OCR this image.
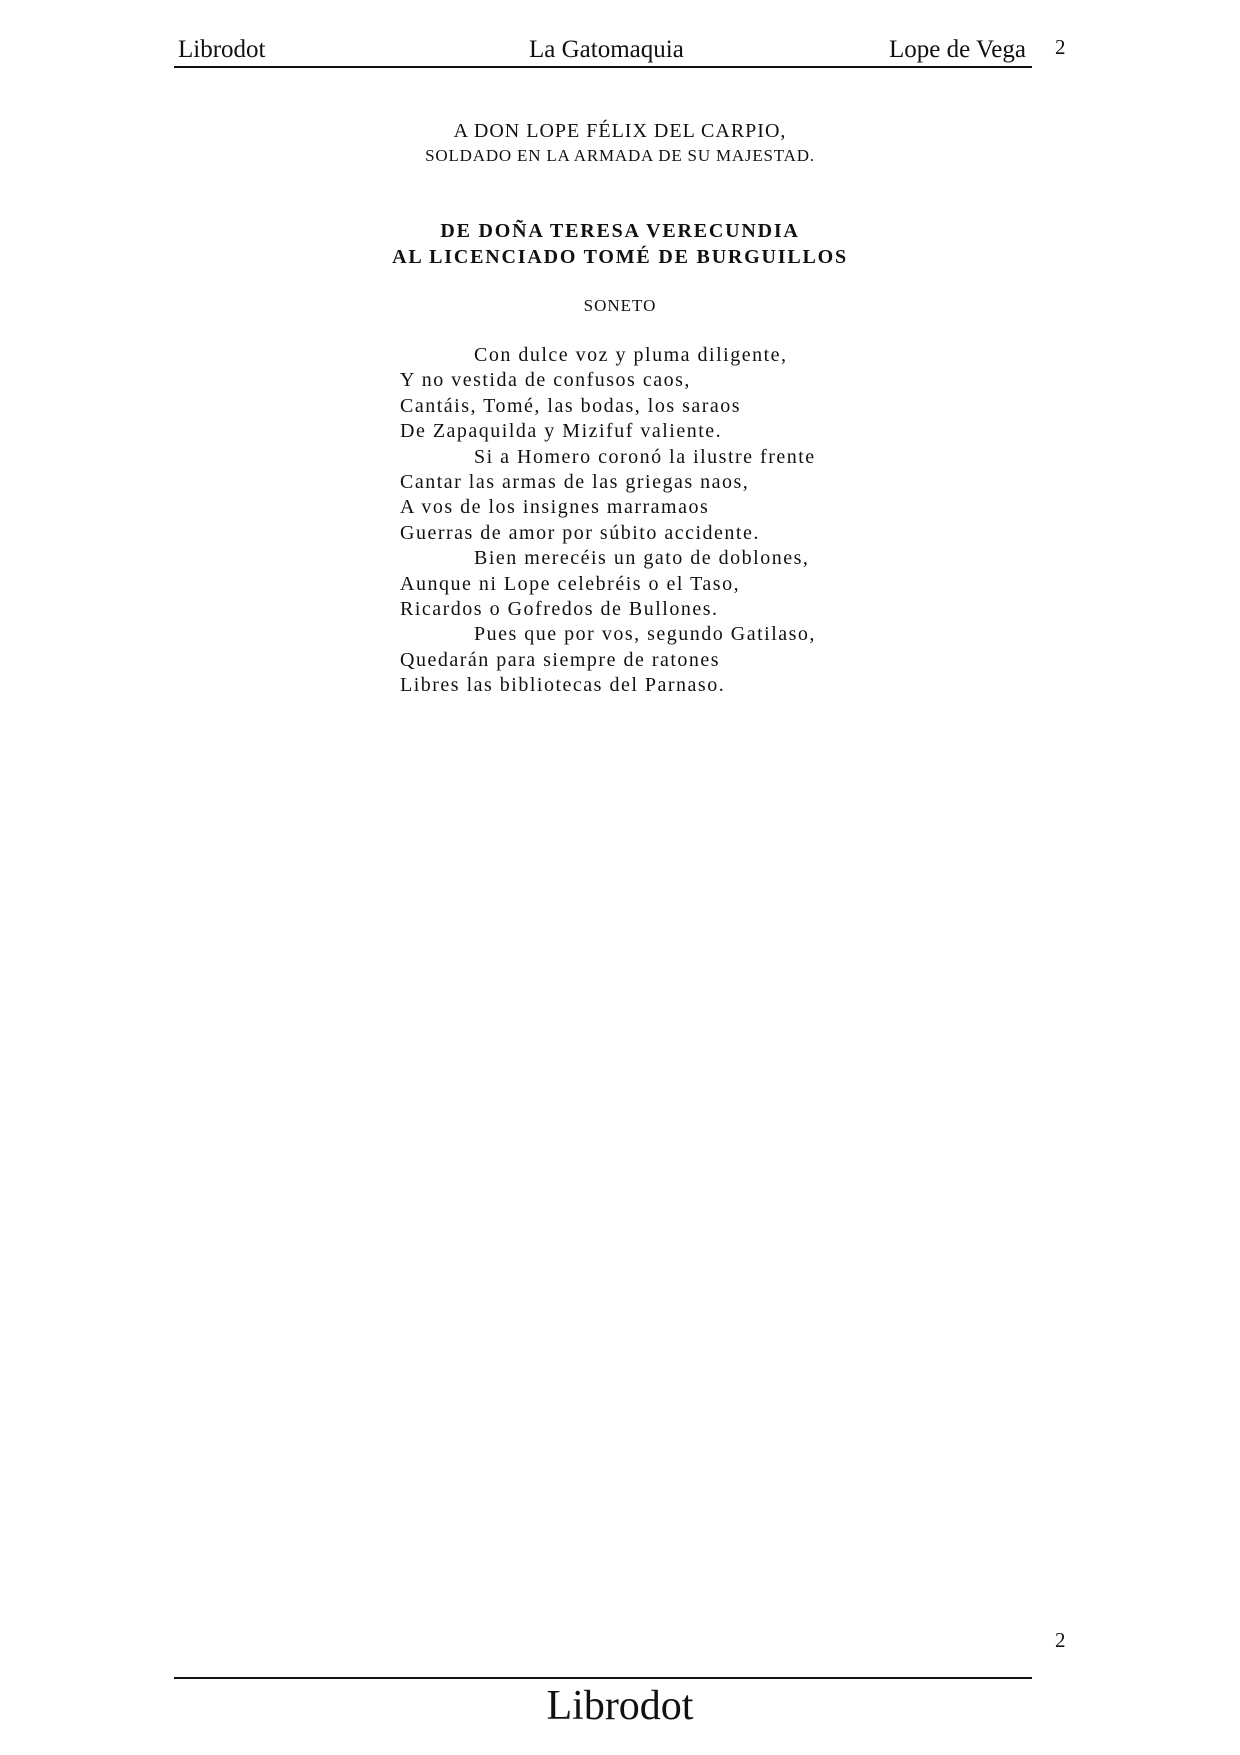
Librodot	La Gatomaquia	Lope de Vega 2
A DON LOPE FÉLIX DEL CARPIO,
SOLDADO EN LA ARMADA DE SU MAJESTAD.
DE DOÑA TERESA VERECUNDIA
AL LICENCIADO TOMÉ DE BURGUILLOS
SONETO
Con dulce voz y pluma diligente,
Y no vestida de confusos caos,
Cantáis, Tomé, las bodas, los saraos
De Zapaquilda y Mizifuf valiente.
Si a Homero coronó la ilustre frente
Cantar las armas de las griegas naos,
A vos de los insignes marramaos
Guerras de amor por súbito accidente.
Bien merecéis un gato de doblones,
Aunque ni Lope celebréis o el Taso,
Ricardos o Gofredos de Bullones.
Pues que por vos, segundo Gatilaso,
Quedarán para siempre de ratones
Libres las bibliotecas del Parnaso.
2
Librodot
